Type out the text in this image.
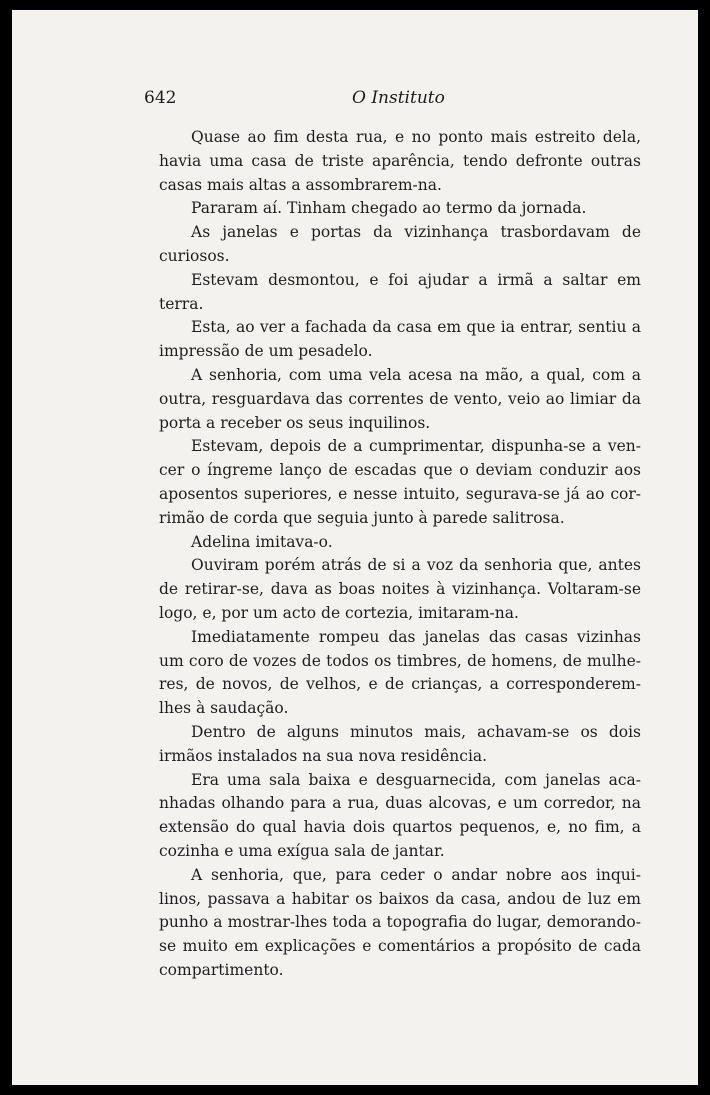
642	O Instituto

Quase ao fim desta rua, e no ponto mais estreito dela, havia uma casa de triste aparência, tendo defronte outras casas mais altas a assombrarem-na.

Pararam aí. Tinham chegado ao termo da jornada.

As janelas e portas da vizinhança trasbordavam de curiosos.

Estevam desmontou, e foi ajudar a irmã a saltar em terra.

Esta, ao ver a fachada da casa em que ia entrar, sentiu a impressão de um pesadelo.

A senhoria, com uma vela acesa na mão, a qual, com a outra, resguardava das correntes de vento, veio ao limiar da porta a receber os seus inquilinos.

Estevam, depois de a cumprimentar, dispunha-se a vencer o íngreme lanço de escadas que o deviam conduzir aos aposentos superiores, e nesse intuito, segurava-se já ao corrimão de corda que seguia junto à parede salitrosa.

Adelina imitava-o.

Ouviram porém atrás de si a voz da senhoria que, antes de retirar-se, dava as boas noites à vizinhança. Voltaram-se logo, e, por um acto de cortezia, imitaram-na.

Imediatamente rompeu das janelas das casas vizinhas um coro de vozes de todos os timbres, de homens, de mulheres, de novos, de velhos, e de crianças, a corresponderem-lhes à saudação.

Dentro de alguns minutos mais, achavam-se os dois irmãos instalados na sua nova residência.

Era uma sala baixa e desguarnecida, com janelas acanhadas olhando para a rua, duas alcovas, e um corredor, na extensão do qual havia dois quartos pequenos, e, no fim, a cozinha e uma exígua sala de jantar.

A senhoria, que, para ceder o andar nobre aos inquilinos, passava a habitar os baixos da casa, andou de luz em punho a mostrar-lhes toda a topografia do lugar, demorando-se muito em explicações e comentários a propósito de cada compartimento.
